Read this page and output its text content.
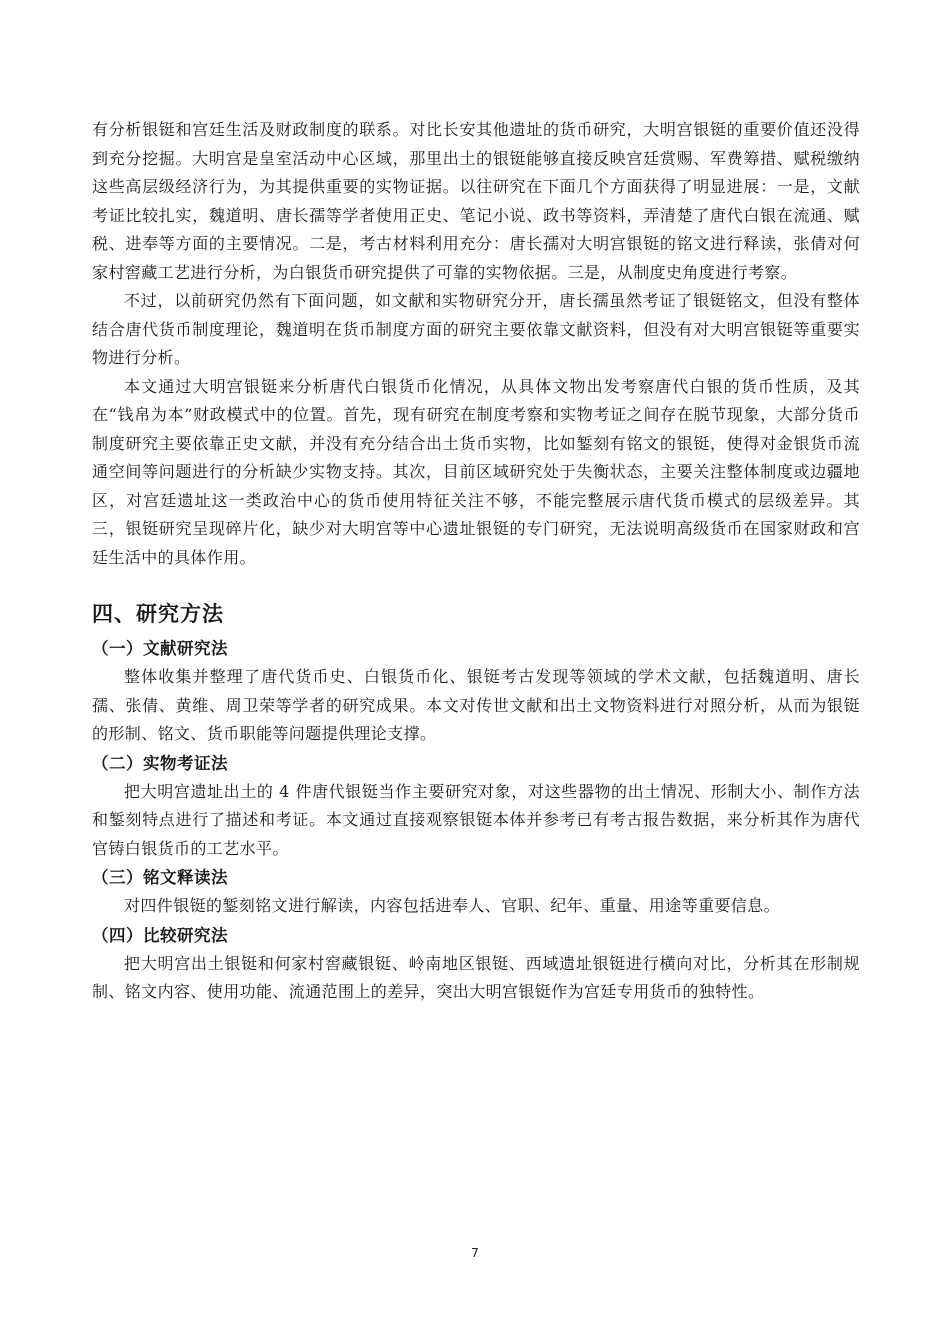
有分析银铤和宫廷生活及财政制度的联系。对比长安其他遗址的货币研究，大明宫银铤的重要价值还没得到充分挖掘。大明宫是皇室活动中心区域，那里出土的银铤能够直接反映宫廷赏赐、军费筹措、赋税缴纳这些高层级经济行为，为其提供重要的实物证据。以往研究在下面几个方面获得了明显进展：一是，文献考证比较扎实，魏道明、唐长孺等学者使用正史、笔记小说、政书等资料，弄清楚了唐代白银在流通、赋税、进奉等方面的主要情况。二是，考古材料利用充分：唐长孺对大明宫银铤的铭文进行释读，张倩对何家村窖藏工艺进行分析，为白银货币研究提供了可靠的实物依据。三是，从制度史角度进行考察。

不过，以前研究仍然有下面问题，如文献和实物研究分开，唐长孺虽然考证了银铤铭文，但没有整体结合唐代货币制度理论，魏道明在货币制度方面的研究主要依靠文献资料，但没有对大明宫银铤等重要实物进行分析。

本文通过大明宫银铤来分析唐代白银货币化情况，从具体文物出发考察唐代白银的货币性质，及其在“钱帛为本”财政模式中的位置。首先，现有研究在制度考察和实物考证之间存在脱节现象，大部分货币制度研究主要依靠正史文献，并没有充分结合出土货币实物，比如錾刻有铭文的银铤，使得对金银货币流通空间等问题进行的分析缺少实物支持。其次，目前区域研究处于失衡状态，主要关注整体制度或边疆地区，对宫廷遗址这一类政治中心的货币使用特征关注不够，不能完整展示唐代货币模式的层级差异。其三，银铤研究呈现碎片化，缺少对大明宫等中心遗址银铤的专门研究，无法说明高级货币在国家财政和宫廷生活中的具体作用。

四、研究方法
（一）文献研究法

整体收集并整理了唐代货币史、白银货币化、银铤考古发现等领域的学术文献，包括魏道明、唐长孺、张倩、黄维、周卫荣等学者的研究成果。本文对传世文献和出土文物资料进行对照分析，从而为银铤的形制、铭文、货币职能等问题提供理论支撑。

（二）实物考证法

把大明宫遗址出土的 4 件唐代银铤当作主要研究对象，对这些器物的出土情况、形制大小、制作方法和錾刻特点进行了描述和考证。本文通过直接观察银铤本体并参考已有考古报告数据，来分析其作为唐代官铸白银货币的工艺水平。

（三）铭文释读法

对四件银铤的錾刻铭文进行解读，内容包括进奉人、官职、纪年、重量、用途等重要信息。

（四）比较研究法

把大明宫出土银铤和何家村窖藏银铤、岭南地区银铤、西域遗址银铤进行横向对比，分析其在形制规制、铭文内容、使用功能、流通范围上的差异，突出大明宫银铤作为宫廷专用货币的独特性。

7
